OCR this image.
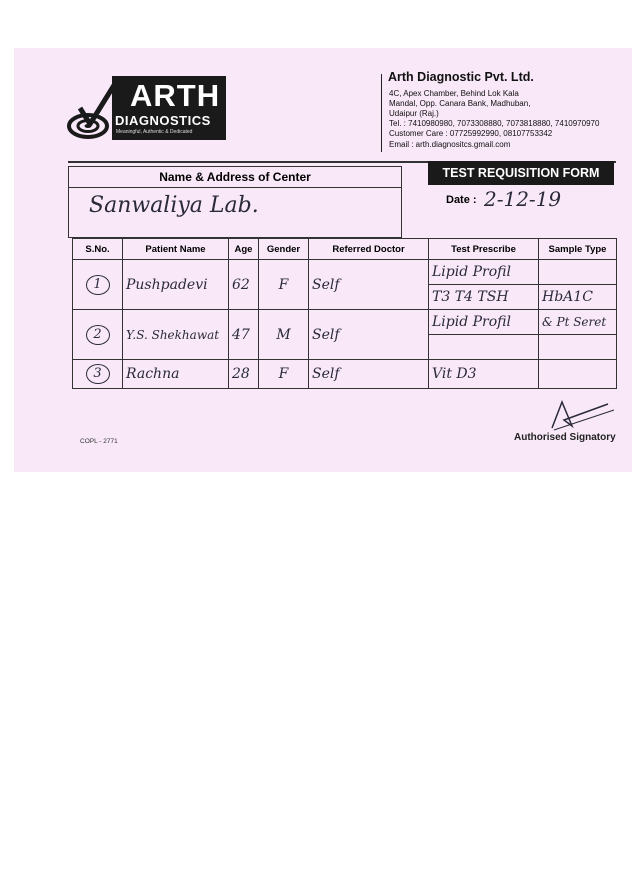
ARTH
DIAGNOSTICS
Meaningful, Authentic & Dedicated
Arth Diagnostic Pvt. Ltd.
4C, Apex Chamber, Behind Lok Kala
Mandal, Opp. Canara Bank, Madhuban,
Udaipur (Raj.)
Tel. : 7410980980, 7073308880, 7073818880, 7410970970
Customer Care : 07725992990, 08107753342
Email : arth.diagnositcs.gmail.com
Name & Address of Center
Sanwaliya Lab.
TEST REQUISITION FORM
Date : 2-12-19
S.No.	Patient Name	Age	Gender	Referred Doctor	Test Prescribe	Sample Type
1	Pushpadevi	62	F	Self	Lipid Profil	
					T3 T4 TSH	HbA1C
2	Y.S. Shekhawat	47	M	Self	Lipid Profil	& Pt Seret

3	Rachna	28	F	Self	Vit D3	
Authorised Signatory
COPL - 2771
